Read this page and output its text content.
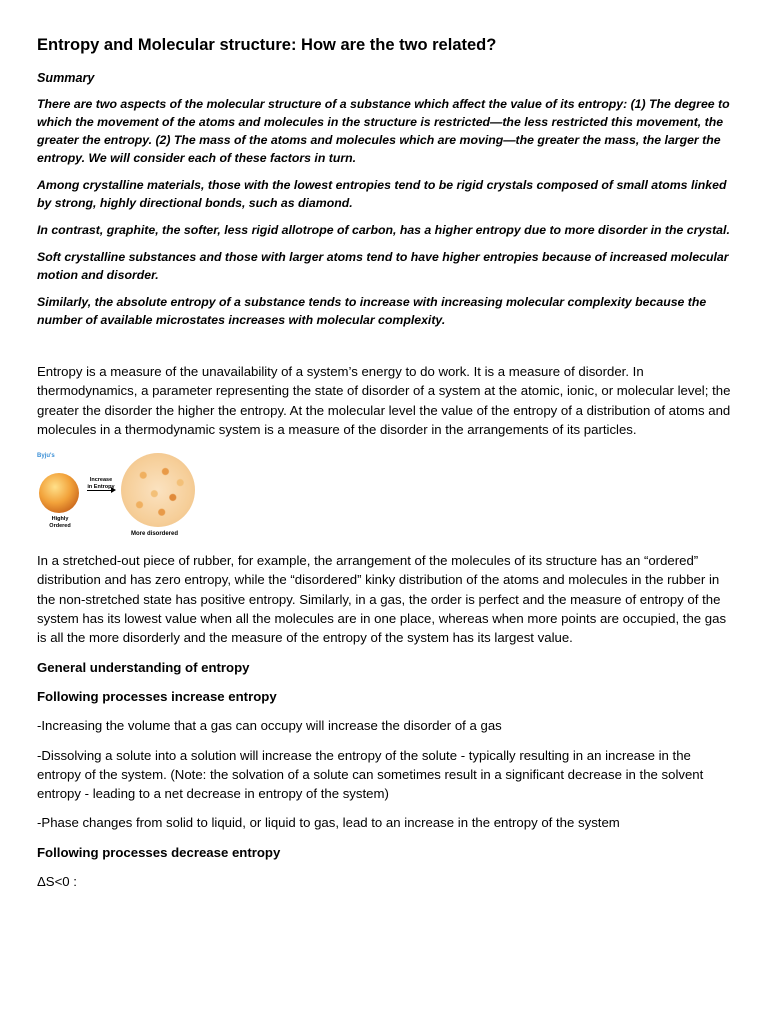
Entropy and Molecular structure: How are the two related?
Summary

There are two aspects of the molecular structure of a substance which affect the value of its entropy: (1) The degree to which the movement of the atoms and molecules in the structure is restricted—the less restricted this movement, the greater the entropy. (2) The mass of the atoms and molecules which are moving—the greater the mass, the larger the entropy. We will consider each of these factors in turn.

Among crystalline materials, those with the lowest entropies tend to be rigid crystals composed of small atoms linked by strong, highly directional bonds, such as diamond.

In contrast, graphite, the softer, less rigid allotrope of carbon, has a higher entropy due to more disorder in the crystal.

Soft crystalline substances and those with larger atoms tend to have higher entropies because of increased molecular motion and disorder.

Similarly, the absolute entropy of a substance tends to increase with increasing molecular complexity because the number of available microstates increases with molecular complexity.

Entropy is a measure of the unavailability of a system’s energy to do work. It is a measure of disorder. In thermodynamics, a parameter representing the state of disorder of a system at the atomic, ionic, or molecular level; the greater the disorder the higher the entropy. At the molecular level the value of the entropy of a distribution of atoms and molecules in a thermodynamic system is a measure of the disorder in the arrangements of its particles.

Byju's
Increase in Entropy
Highly Ordered
More disordered

In a stretched-out piece of rubber, for example, the arrangement of the molecules of its structure has an “ordered” distribution and has zero entropy, while the “disordered” kinky distribution of the atoms and molecules in the rubber in the non-stretched state has positive entropy. Similarly, in a gas, the order is perfect and the measure of entropy of the system has its lowest value when all the molecules are in one place, whereas when more points are occupied, the gas is all the more disorderly and the measure of the entropy of the system has its largest value.

General understanding of entropy

Following processes increase entropy

-Increasing the volume that a gas can occupy will increase the disorder of a gas

-Dissolving a solute into a solution will increase the entropy of the solute - typically resulting in an increase in the entropy of the system. (Note: the solvation of a solute can sometimes result in a significant decrease in the solvent entropy - leading to a net decrease in entropy of the system)

-Phase changes from solid to liquid, or liquid to gas, lead to an increase in the entropy of the system

Following processes decrease entropy

ΔS<0 :
